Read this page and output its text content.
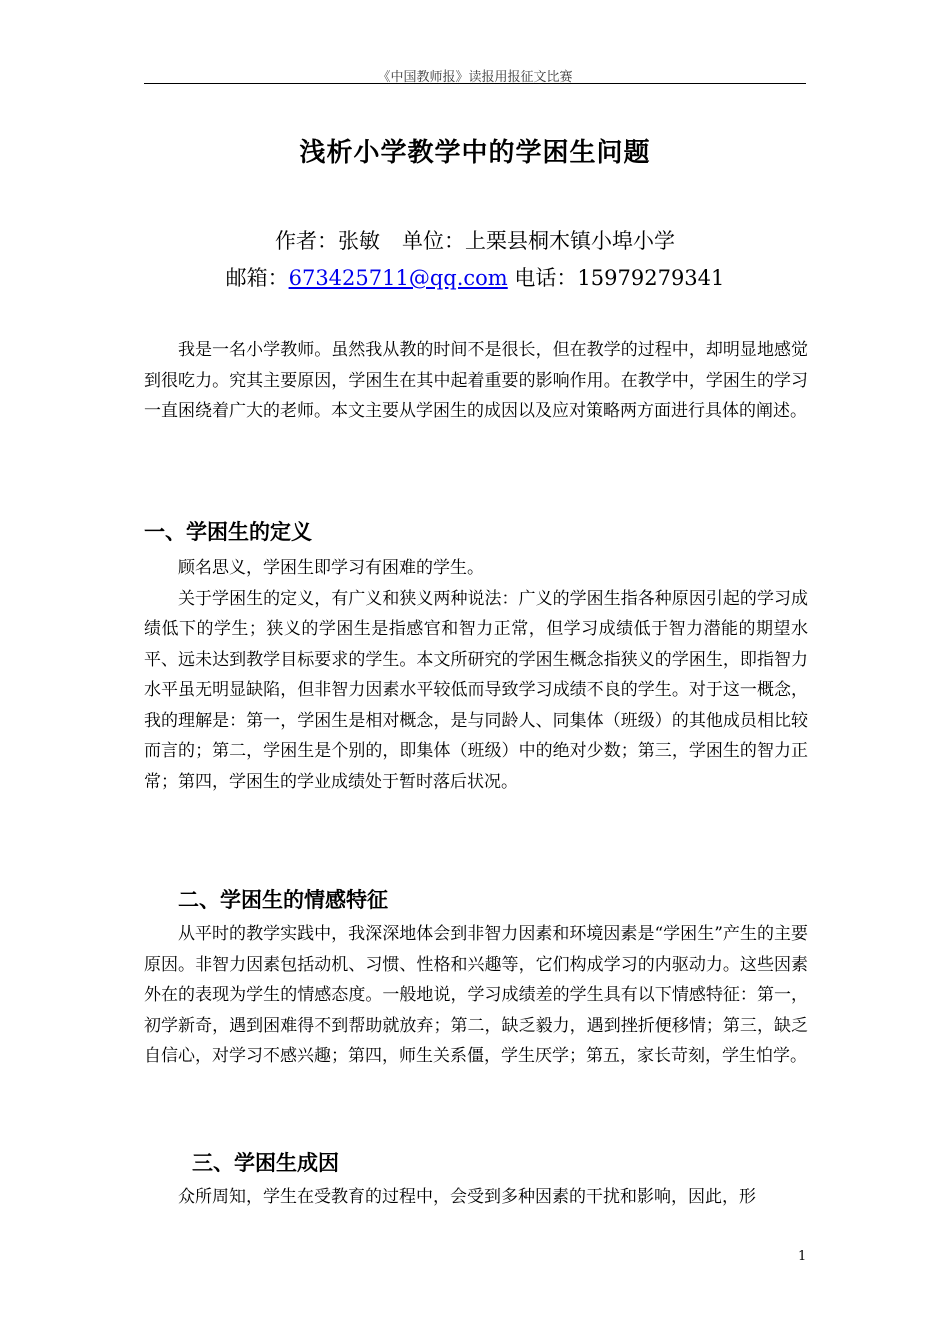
《中国教师报》读报用报征文比赛
浅析小学教学中的学困生问题
作者：张敏 单位：上栗县桐木镇小埠小学
邮箱：673425711@qq.com 电话：15979279341

我是一名小学教师。虽然我从教的时间不是很长，但在教学的过程中，却明显地感觉到很吃力。究其主要原因，学困生在其中起着重要的影响作用。在教学中，学困生的学习一直困绕着广大的老师。本文主要从学困生的成因以及应对策略两方面进行具体的阐述。

一、学困生的定义

顾名思义，学困生即学习有困难的学生。

关于学困生的定义，有广义和狭义两种说法：广义的学困生指各种原因引起的学习成绩低下的学生；狭义的学困生是指感官和智力正常，但学习成绩低于智力潜能的期望水平、远未达到教学目标要求的学生。本文所研究的学困生概念指狭义的学困生，即指智力水平虽无明显缺陷，但非智力因素水平较低而导致学习成绩不良的学生。对于这一概念，我的理解是：第一，学困生是相对概念，是与同龄人、同集体（班级）的其他成员相比较而言的；第二，学困生是个别的，即集体（班级）中的绝对少数；第三，学困生的智力正常；第四，学困生的学业成绩处于暂时落后状况。

二、学困生的情感特征

从平时的教学实践中，我深深地体会到非智力因素和环境因素是“学困生”产生的主要原因。非智力因素包括动机、习惯、性格和兴趣等，它们构成学习的内驱动力。这些因素外在的表现为学生的情感态度。一般地说，学习成绩差的学生具有以下情感特征：第一，初学新奇，遇到困难得不到帮助就放弃；第二，缺乏毅力，遇到挫折便移情；第三，缺乏自信心，对学习不感兴趣；第四，师生关系僵，学生厌学；第五，家长苛刻，学生怕学。

三、学困生成因

众所周知，学生在受教育的过程中，会受到多种因素的干扰和影响，因此，形

1
